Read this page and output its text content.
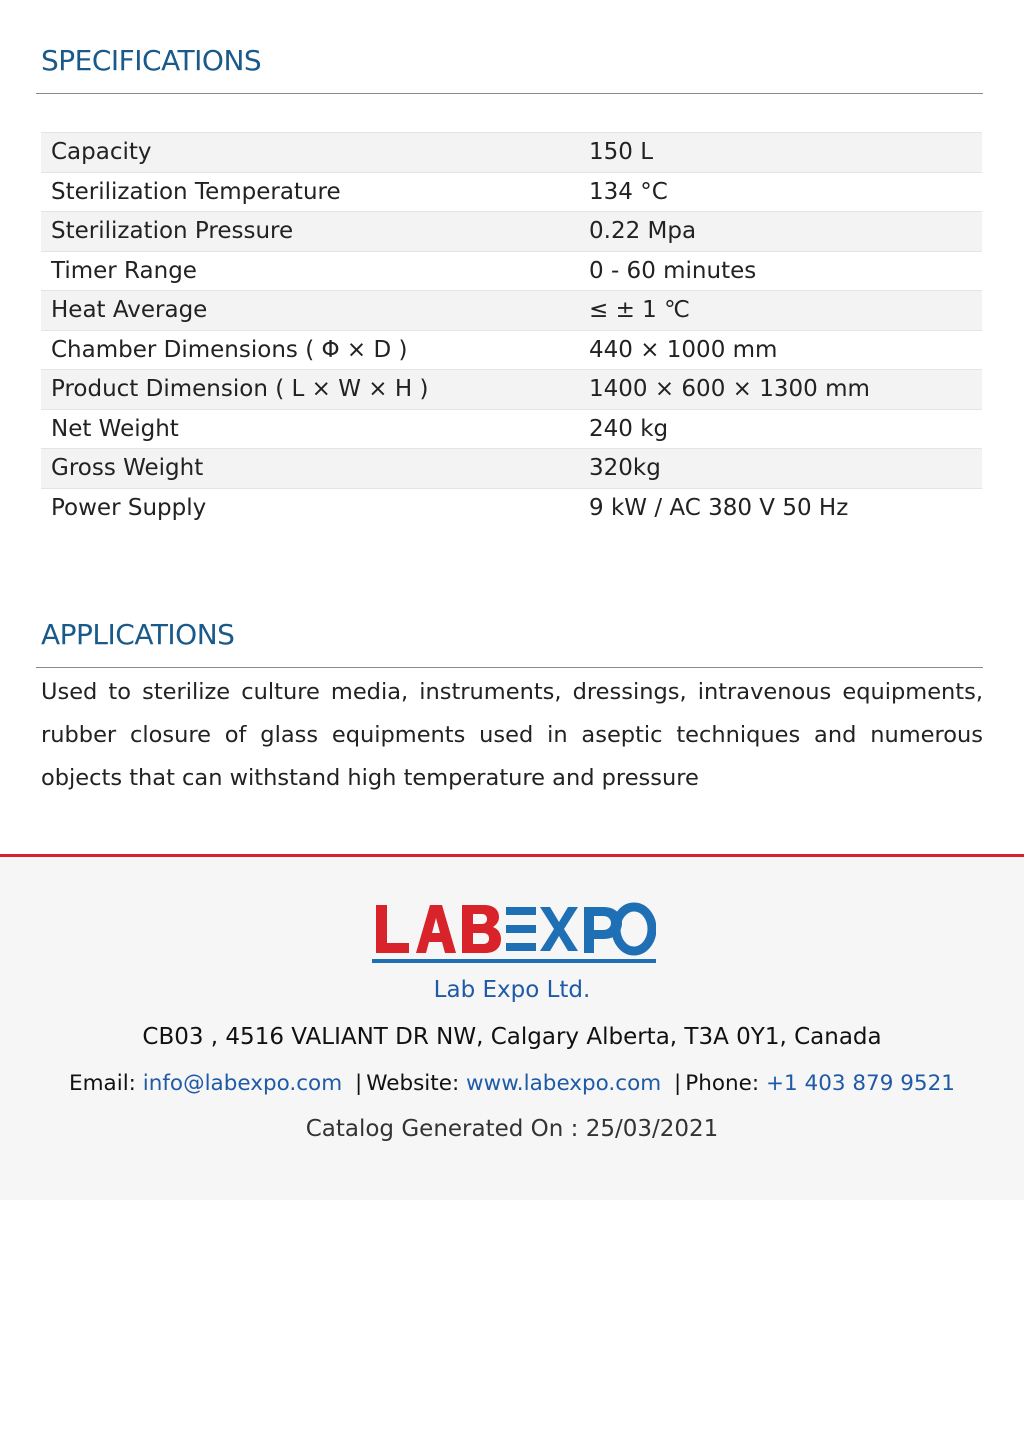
SPECIFICATIONS
Capacity	150 L
Sterilization Temperature	134 °C
Sterilization Pressure	0.22 Mpa
Timer Range	0 - 60 minutes
Heat Average	≤ ± 1 ℃
Chamber Dimensions ( Φ × D )	440 × 1000 mm
Product Dimension ( L × W × H )	1400 × 600 × 1300 mm
Net Weight	240 kg
Gross Weight	320kg
Power Supply	9 kW / AC 380 V 50 Hz
APPLICATIONS

Used to sterilize culture media, instruments, dressings, intravenous equipments, rubber closure of glass equipments used in aseptic techniques and numerous objects that can withstand high temperature and pressure

Lab Expo Ltd.
CB03 , 4516 VALIANT DR NW, Calgary Alberta, T3A 0Y1, Canada
Email: info@labexpo.com | Website: www.labexpo.com | Phone: +1 403 879 9521
Catalog Generated On : 25/03/2021
